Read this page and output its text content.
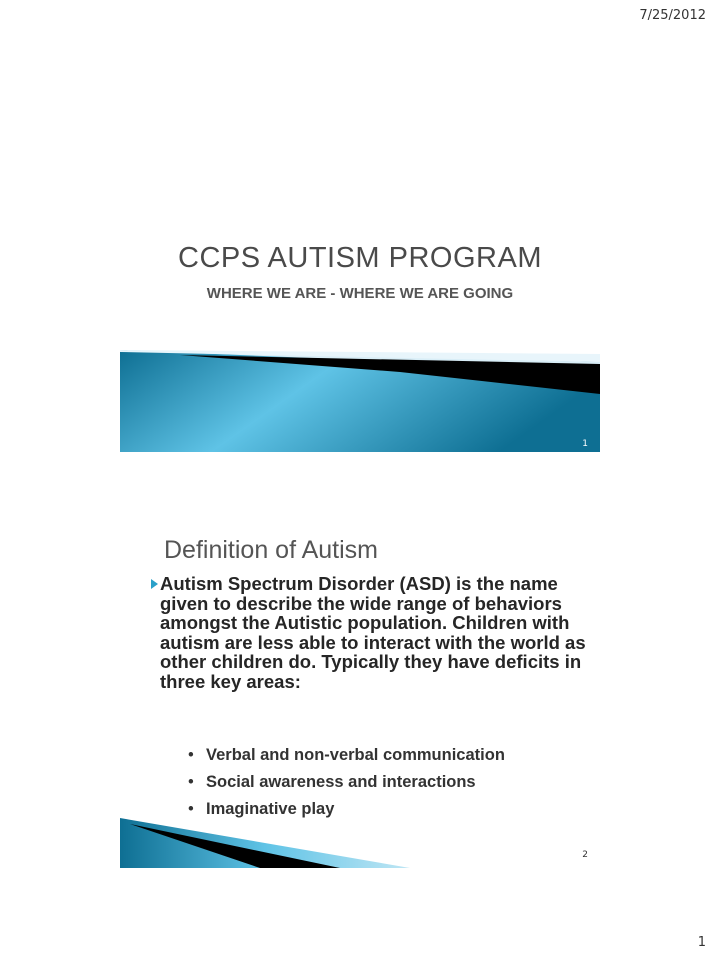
7/25/2012
CCPS AUTISM PROGRAM
WHERE WE ARE - WHERE WE ARE GOING
1
Definition of Autism
Autism Spectrum Disorder (ASD) is the name given to describe the wide range of behaviors amongst the Autistic population. Children with autism are less able to interact with the world as other children do. Typically they have deficits in three key areas:
• Verbal and non-verbal communication
• Social awareness and interactions
• Imaginative play
2
1
